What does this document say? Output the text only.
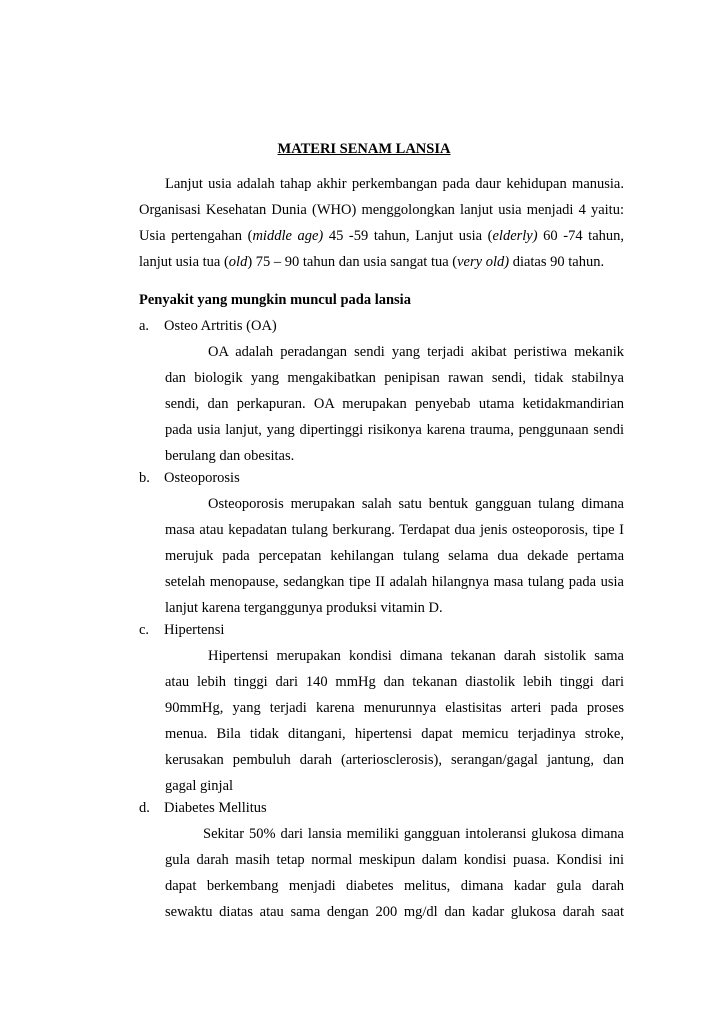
MATERI SENAM LANSIA
Lanjut usia adalah tahap akhir perkembangan pada daur kehidupan manusia.
Organisasi Kesehatan Dunia (WHO) menggolongkan lanjut usia menjadi 4 yaitu:
Usia pertengahan (middle age) 45 -59 tahun, Lanjut usia (elderly) 60 -74 tahun,
lanjut usia tua (old) 75 – 90 tahun dan usia sangat tua (very old) diatas 90 tahun.

Penyakit yang mungkin muncul pada lansia

a. Osteo Artritis (OA)

OA adalah peradangan sendi yang terjadi akibat peristiwa mekanik
dan biologik yang mengakibatkan penipisan rawan sendi, tidak stabilnya
sendi, dan perkapuran. OA merupakan penyebab utama ketidakmandirian
pada usia lanjut, yang dipertinggi risikonya karena trauma, penggunaan sendi
berulang dan obesitas.

b. Osteoporosis

Osteoporosis merupakan salah satu bentuk gangguan tulang dimana
masa atau kepadatan tulang berkurang. Terdapat dua jenis osteoporosis, tipe I
merujuk pada percepatan kehilangan tulang selama dua dekade pertama
setelah menopause, sedangkan tipe II adalah hilangnya masa tulang pada usia
lanjut karena terganggunya produksi vitamin D.

c. Hipertensi

Hipertensi merupakan kondisi dimana tekanan darah sistolik sama
atau lebih tinggi dari 140 mmHg dan tekanan diastolik lebih tinggi dari
90mmHg, yang terjadi karena menurunnya elastisitas arteri pada proses
menua. Bila tidak ditangani, hipertensi dapat memicu terjadinya stroke,
kerusakan pembuluh darah (arteriosclerosis), serangan/gagal jantung, dan
gagal ginjal

d. Diabetes Mellitus

Sekitar 50% dari lansia memiliki gangguan intoleransi glukosa dimana
gula darah masih tetap normal meskipun dalam kondisi puasa. Kondisi ini
dapat berkembang menjadi diabetes melitus, dimana kadar gula darah
sewaktu diatas atau sama dengan 200 mg/dl dan kadar glukosa darah saat
